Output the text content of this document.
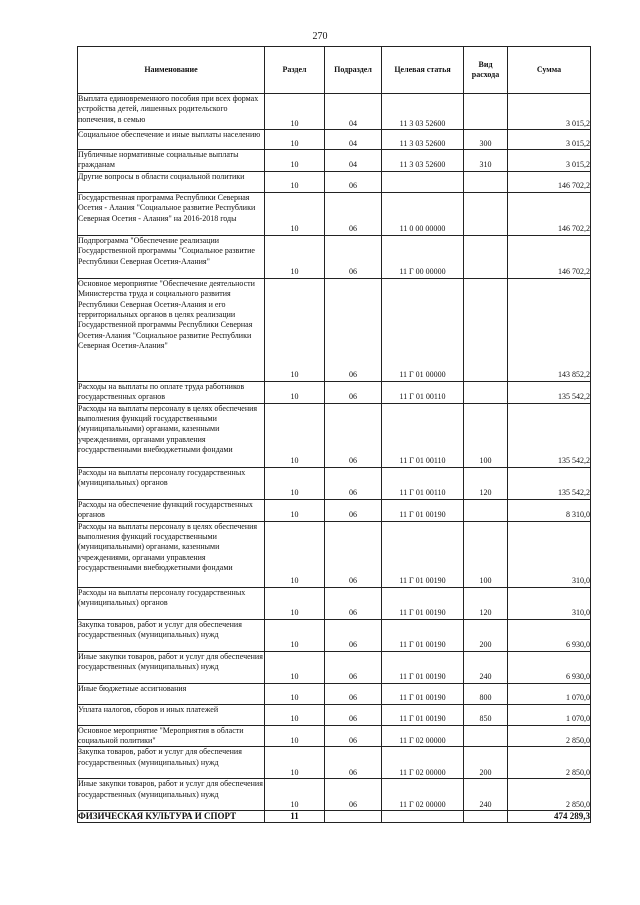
270
Наименование	Раздел	Подраздел	Целевая статья	Вид расхода	Сумма
Выплата единовременного пособия при всех формах устройства детей, лишенных родительского попечения, в семью	10	04	11 3 03 52600		3 015,2
Социальное обеспечение и иные выплаты населению	10	04	11 3 03 52600	300	3 015,2
Публичные нормативные социальные выплаты гражданам	10	04	11 3 03 52600	310	3 015,2
Другие вопросы в области социальной политики	10	06			146 702,2
Государственная программа Республики Северная Осетия - Алания "Социальное развитие Республики Северная Осетия - Алания" на 2016-2018 годы	10	06	11 0 00 00000		146 702,2
Подпрограмма "Обеспечение реализации Государственной программы "Социальное развитие Республики Северная Осетия-Алания"	10	06	11 Г 00 00000		146 702,2
Основное мероприятие "Обеспечение деятельности Министерства труда и социального развития Республики Северная Осетия-Алания и его территориальных органов в целях реализации Государственной программы Республики Северная Осетия-Алания "Социальное развитие Республики Северная Осетия-Алания"	10	06	11 Г 01 00000		143 852,2
Расходы на выплаты по оплате труда работников государственных органов	10	06	11 Г 01 00110		135 542,2
Расходы на выплаты персоналу в целях обеспечения выполнения функций государственными (муниципальными) органами, казенными учреждениями, органами управления государственными внебюджетными фондами	10	06	11 Г 01 00110	100	135 542,2
Расходы на выплаты персоналу государственных (муниципальных) органов	10	06	11 Г 01 00110	120	135 542,2
Расходы на обеспечение функций государственных органов	10	06	11 Г 01 00190		8 310,0
Расходы на выплаты персоналу в целях обеспечения выполнения функций государственными (муниципальными) органами, казенными учреждениями, органами управления государственными внебюджетными фондами	10	06	11 Г 01 00190	100	310,0
Расходы на выплаты персоналу государственных (муниципальных) органов	10	06	11 Г 01 00190	120	310,0
Закупка товаров, работ и услуг для обеспечения государственных (муниципальных) нужд	10	06	11 Г 01 00190	200	6 930,0
Иные закупки товаров, работ и услуг для обеспечения государственных (муниципальных) нужд	10	06	11 Г 01 00190	240	6 930,0
Иные бюджетные ассигнования	10	06	11 Г 01 00190	800	1 070,0
Уплата налогов, сборов и иных платежей	10	06	11 Г 01 00190	850	1 070,0
Основное мероприятие "Мероприятия в области социальной политики"	10	06	11 Г 02 00000		2 850,0
Закупка товаров, работ и услуг для обеспечения государственных (муниципальных) нужд	10	06	11 Г 02 00000	200	2 850,0
Иные закупки товаров, работ и услуг для обеспечения государственных (муниципальных) нужд	10	06	11 Г 02 00000	240	2 850,0
ФИЗИЧЕСКАЯ КУЛЬТУРА И СПОРТ	11				474 289,3
